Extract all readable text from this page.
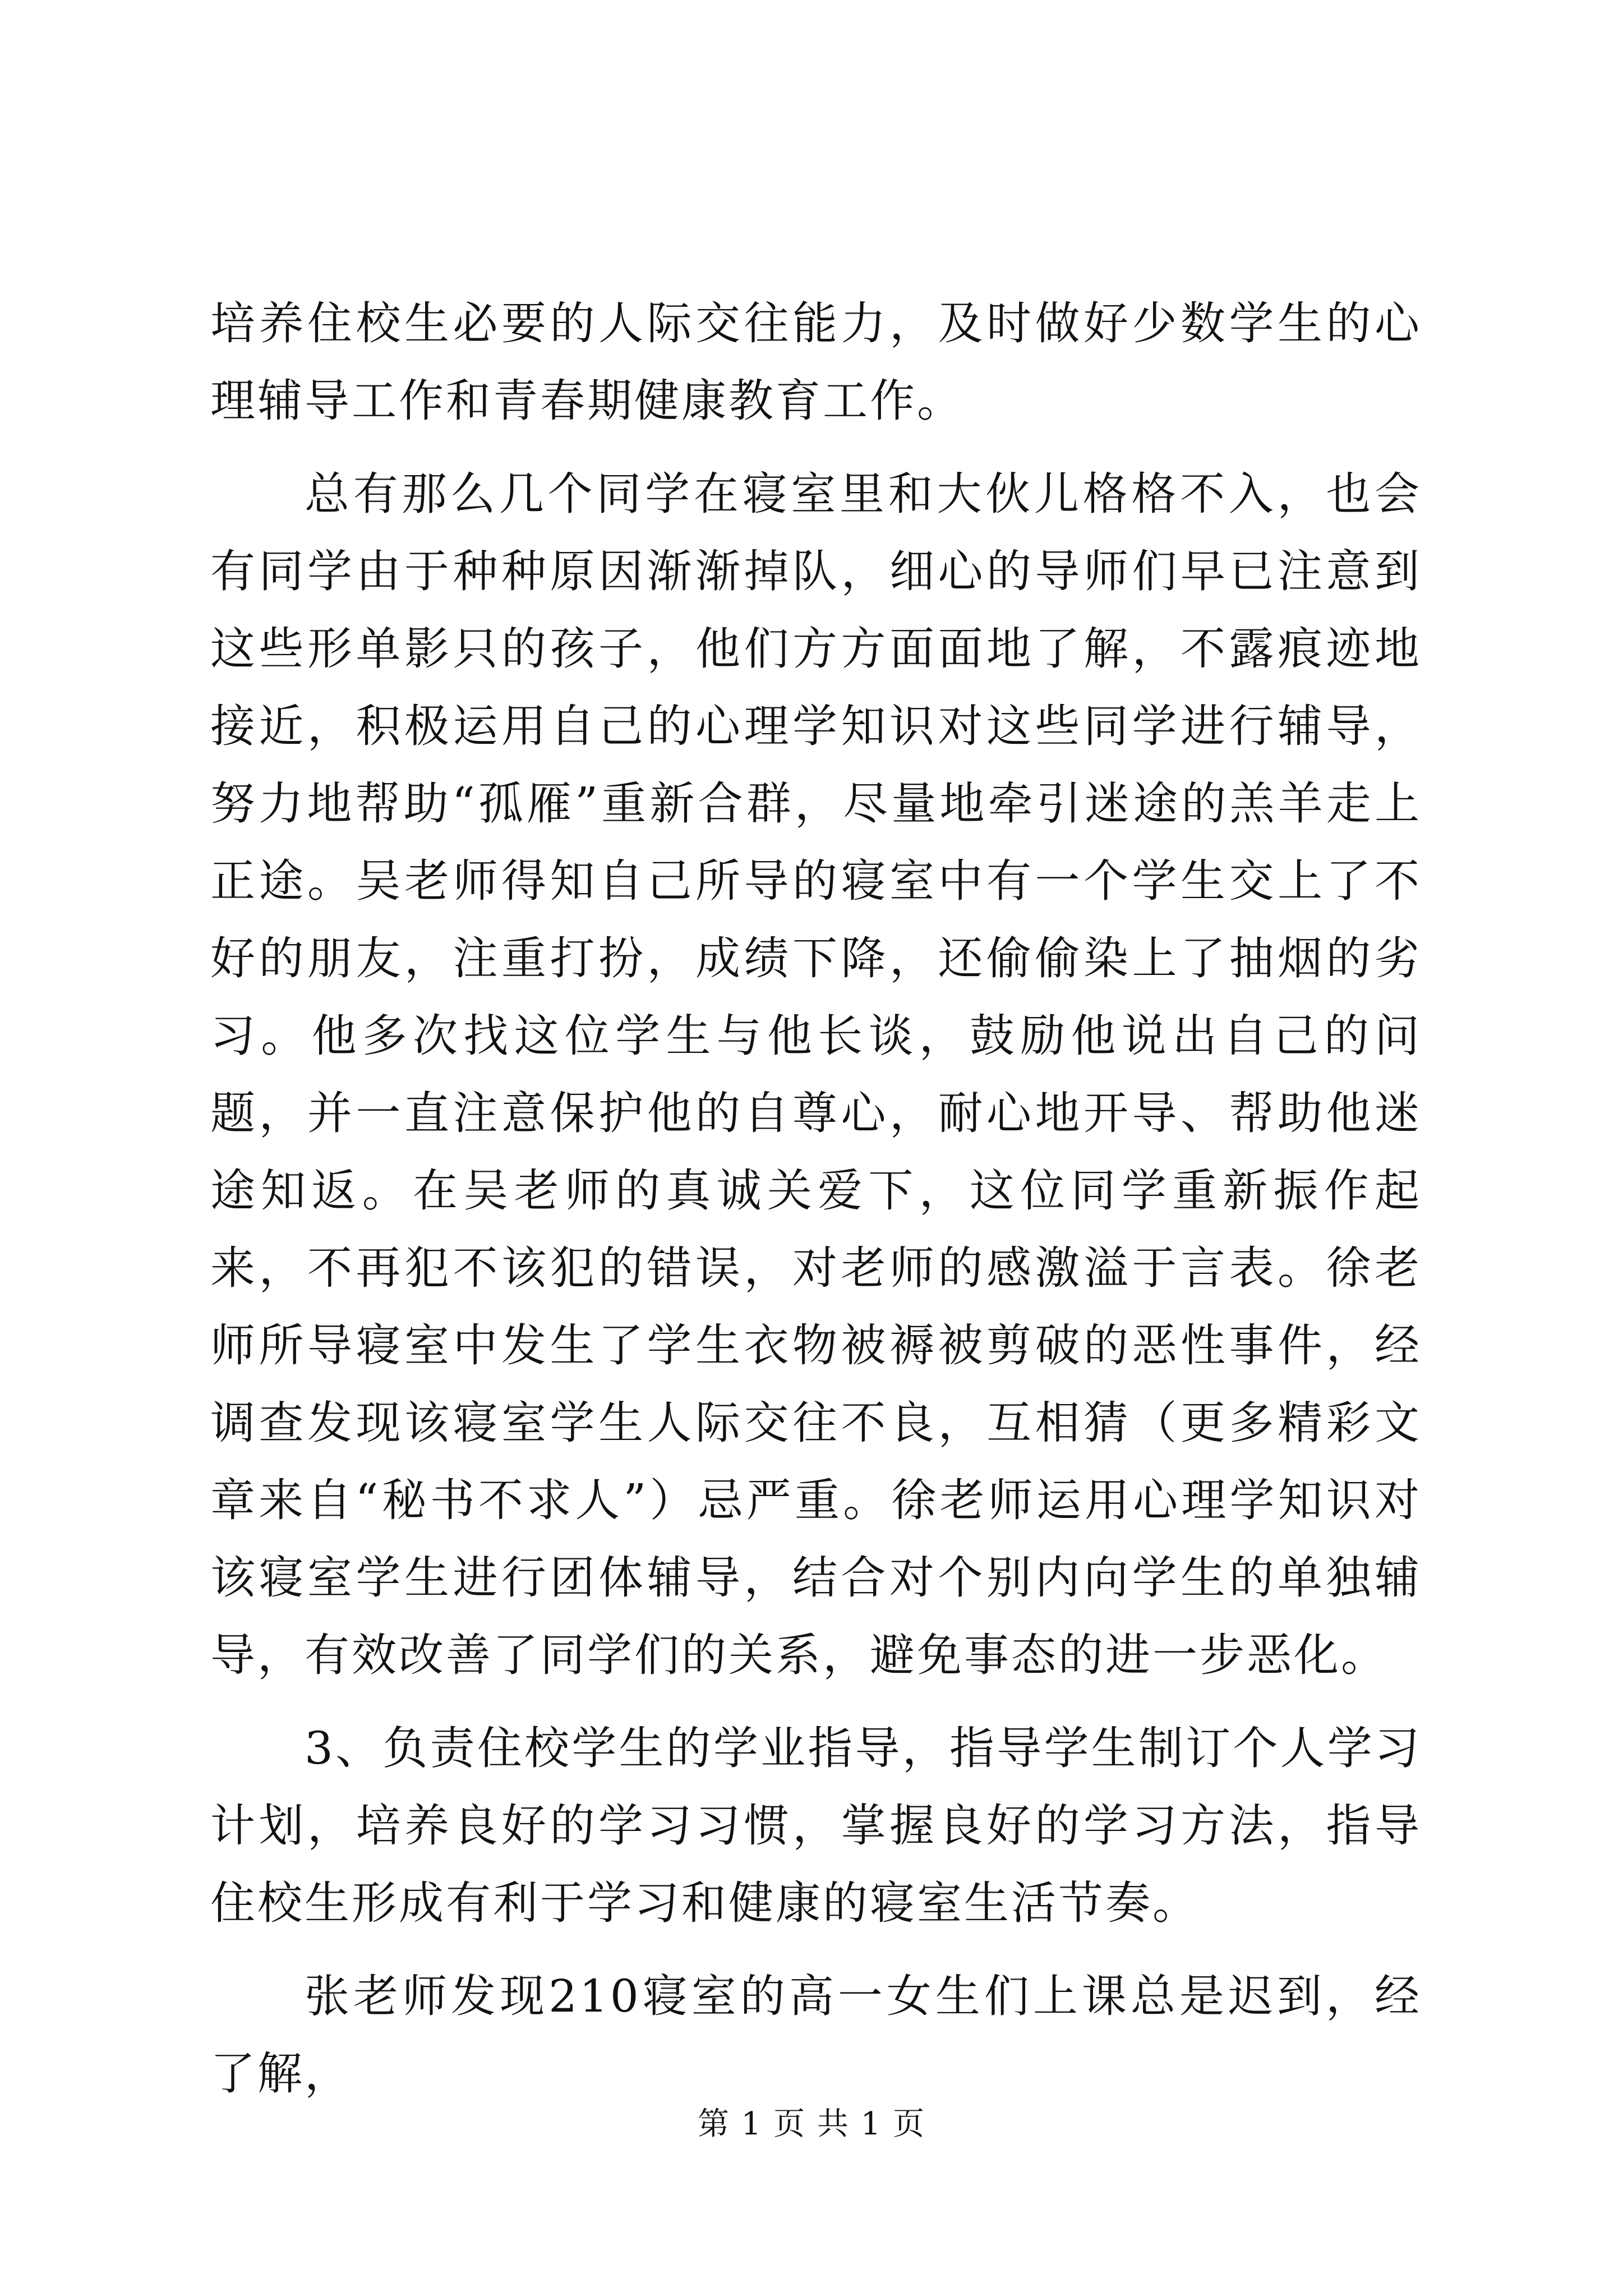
培养住校生必要的人际交往能力，及时做好少数学生的心理辅导工作和青春期健康教育工作。

总有那么几个同学在寝室里和大伙儿格格不入，也会有同学由于种种原因渐渐掉队，细心的导师们早已注意到这些形单影只的孩子，他们方方面面地了解，不露痕迹地接近，积极运用自己的心理学知识对这些同学进行辅导，努力地帮助“孤雁”重新合群，尽量地牵引迷途的羔羊走上正途。吴老师得知自己所导的寝室中有一个学生交上了不好的朋友，注重打扮，成绩下降，还偷偷染上了抽烟的劣习。他多次找这位学生与他长谈，鼓励他说出自己的问题，并一直注意保护他的自尊心，耐心地开导、帮助他迷途知返。在吴老师的真诚关爱下，这位同学重新振作起来，不再犯不该犯的错误，对老师的感激溢于言表。徐老师所导寝室中发生了学生衣物被褥被剪破的恶性事件，经调查发现该寝室学生人际交往不良，互相猜（更多精彩文章来自“秘书不求人”）忌严重。徐老师运用心理学知识对该寝室学生进行团体辅导，结合对个别内向学生的单独辅导，有效改善了同学们的关系，避免事态的进一步恶化。

3、负责住校学生的学业指导，指导学生制订个人学习计划，培养良好的学习习惯，掌握良好的学习方法，指导住校生形成有利于学习和健康的寝室生活节奏。

张老师发现210寝室的高一女生们上课总是迟到，经了解，

第 1 页 共 1 页
